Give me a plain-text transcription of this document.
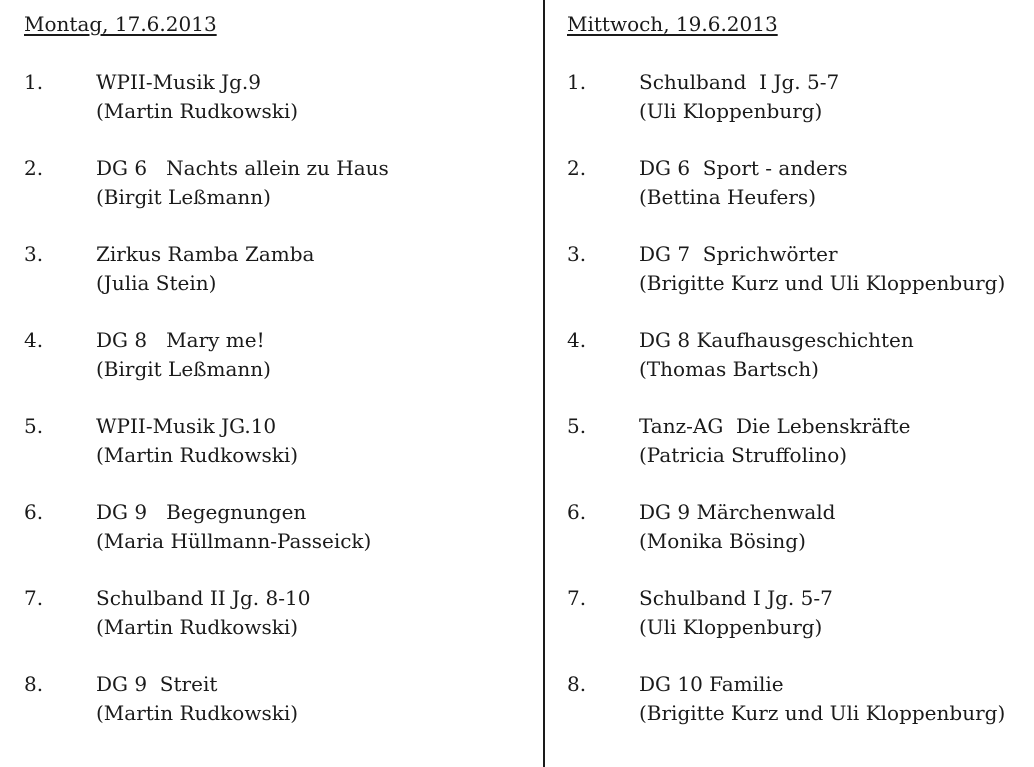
Montag, 17.6.2013
1.	WPII-Musik Jg.9
(Martin Rudkowski)
2.	DG 6   Nachts allein zu Haus
(Birgit Leßmann)
3.	Zirkus Ramba Zamba
(Julia Stein)
4.	DG 8   Mary me!
(Birgit Leßmann)
5.	WPII-Musik JG.10
(Martin Rudkowski)
6.	DG 9   Begegnungen
(Maria Hüllmann-Passeick)
7.	Schulband II Jg. 8-10
(Martin Rudkowski)
8.	DG 9  Streit
(Martin Rudkowski)
Mittwoch, 19.6.2013
1.	Schulband  I Jg. 5-7
(Uli Kloppenburg)
2.	DG 6  Sport - anders
(Bettina Heufers)
3.	DG 7  Sprichwörter
(Brigitte Kurz und Uli Kloppenburg)
4.	DG 8 Kaufhausgeschichten
(Thomas Bartsch)
5.	Tanz-AG  Die Lebenskräfte
(Patricia Struffolino)
6.	DG 9 Märchenwald
(Monika Bösing)
7.	Schulband I Jg. 5-7
(Uli Kloppenburg)
8.	DG 10 Familie
(Brigitte Kurz und Uli Kloppenburg)
